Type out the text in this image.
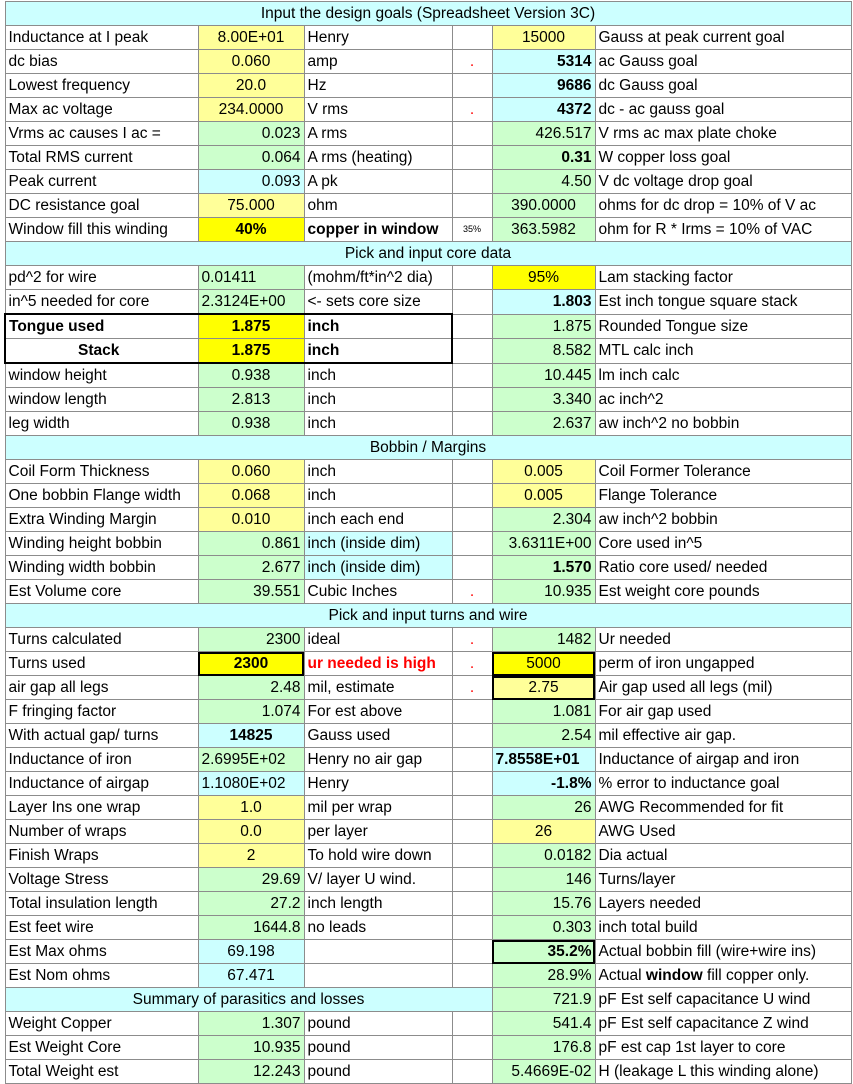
Input the design goals (Spreadsheet Version 3C)					
Inductance at I peak	8.00E+01	Henry		15000	Gauss at peak current goal
dc bias	0.060	amp	.	5314	ac Gauss goal
Lowest frequency	20.0	Hz		9686	dc Gauss goal
Max ac voltage	234.0000	V rms	.	4372	dc - ac gauss goal
Vrms ac causes I ac =	0.023	A rms		426.517	V rms ac max plate choke
Total RMS current	0.064	A rms (heating)		0.31	W copper loss goal
Peak current	0.093	A pk		4.50	V dc voltage drop goal
DC resistance goal	75.000	ohm		390.0000	ohms for dc drop = 10% of V ac
Window fill this winding	40%	copper in window	35%	363.5982	ohm for R * Irms = 10% of VAC
Pick and input core data					
pd^2 for wire	0.01411	(mohm/ft*in^2 dia)		95%	Lam stacking factor
in^5 needed for core	2.3124E+00	<- sets core size		1.803	Est inch tongue square stack
Tongue used	1.875	inch		1.875	Rounded Tongue size
Stack	1.875	inch		8.582	MTL calc inch
window height	0.938	inch		10.445	lm inch calc
window length	2.813	inch		3.340	ac inch^2
leg width	0.938	inch		2.637	aw inch^2 no bobbin
Bobbin / Margins					
Coil Form Thickness	0.060	inch		0.005	Coil Former Tolerance
One bobbin Flange width	0.068	inch		0.005	Flange Tolerance
Extra Winding Margin	0.010	inch each end		2.304	aw inch^2 bobbin
Winding height bobbin	0.861	inch (inside dim)		3.6311E+00	Core used in^5
Winding width bobbin	2.677	inch (inside dim)		1.570	Ratio core used/ needed
Est Volume core	39.551	Cubic Inches	.	10.935	Est weight core pounds
Pick and input turns and wire					
Turns calculated	2300	ideal	.	1482	Ur needed
Turns used	2300	ur needed is high	.	5000	perm of iron ungapped
air gap all legs	2.48	mil, estimate	.	2.75	Air gap used all legs (mil)
F fringing factor	1.074	For est above		1.081	For air gap used
With actual gap/ turns	14825	Gauss used		2.54	mil effective air gap.
Inductance of iron	2.6995E+02	Henry no air gap		7.8558E+01	Inductance of airgap and iron
Inductance of airgap	1.1080E+02	Henry		-1.8%	% error to inductance goal
Layer Ins one wrap	1.0	mil per wrap		26	AWG Recommended for fit
Number of wraps	0.0	per layer		26	AWG Used
Finish Wraps	2	To hold wire down		0.0182	Dia actual
Voltage Stress	29.69	V/ layer U wind.		146	Turns/layer
Total insulation length	27.2	inch length		15.76	Layers needed
Est feet wire	1644.8	no leads		0.303	inch total build
Est Max ohms	69.198			35.2%	Actual bobbin fill (wire+wire ins)
Est Nom ohms	67.471			28.9%	Actual window fill copper only.
Summary of parasitics and losses				721.9	pF Est self capacitance U wind
Weight Copper	1.307	pound		541.4	pF Est self capacitance Z wind
Est Weight Core	10.935	pound		176.8	pF est cap 1st layer to core
Total Weight est	12.243	pound		5.4669E-02	H (leakage L this winding alone)
